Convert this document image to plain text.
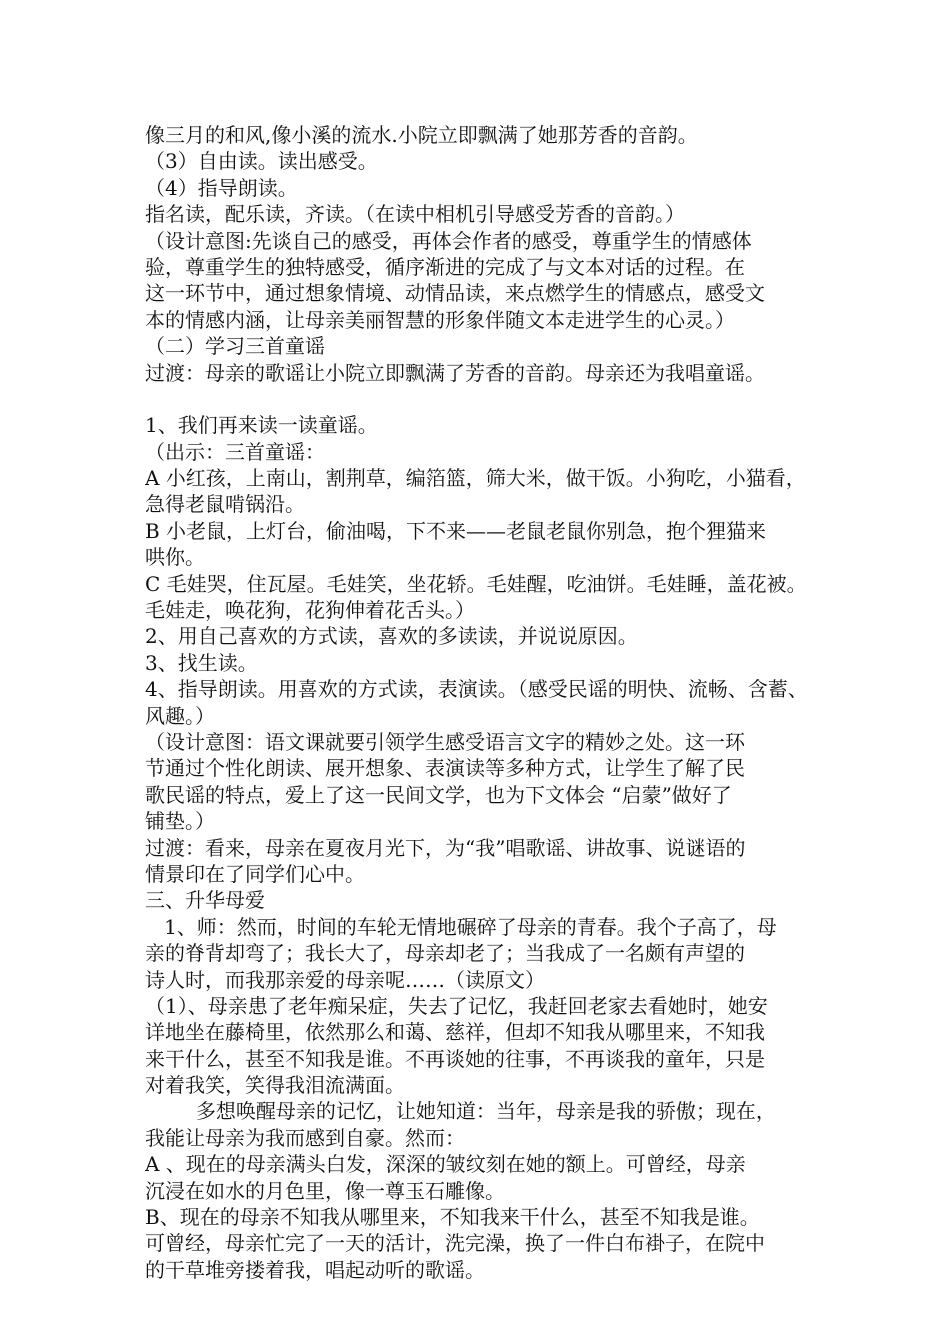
像三月的和风,像小溪的流水.小院立即飘满了她那芳香的音韵。
（3）自由读。读出感受。
（4）指导朗读。
指名读，配乐读，齐读。（在读中相机引导感受芳香的音韵。）
（设计意图:先谈自己的感受，再体会作者的感受，尊重学生的情感体
验，尊重学生的独特感受，循序渐进的完成了与文本对话的过程。在
这一环节中，通过想象情境、动情品读，来点燃学生的情感点，感受文
本的情感内涵，让母亲美丽智慧的形象伴随文本走进学生的心灵。）
（二）学习三首童谣
过渡：母亲的歌谣让小院立即飘满了芳香的音韵。母亲还为我唱童谣。
1、我们再来读一读童谣。
（出示：三首童谣：
A 小红孩，上南山，割荆草，编箔篮，筛大米，做干饭。小狗吃，小猫看，
急得老鼠啃锅沿。
B 小老鼠，上灯台，偷油喝，下不来——老鼠老鼠你别急，抱个狸猫来
哄你。
C 毛娃哭，住瓦屋。毛娃笑，坐花轿。毛娃醒，吃油饼。毛娃睡，盖花被。
毛娃走，唤花狗，花狗伸着花舌头。）
2、用自己喜欢的方式读，喜欢的多读读，并说说原因。
3、找生读。
4、指导朗读。用喜欢的方式读，表演读。（感受民谣的明快、流畅、含蓄、
风趣。）
（设计意图：语文课就要引领学生感受语言文字的精妙之处。这一环
节通过个性化朗读、展开想象、表演读等多种方式，让学生了解了民
歌民谣的特点，爱上了这一民间文学，也为下文体会 “启蒙”做好了
铺垫。）
过渡：看来，母亲在夏夜月光下，为“我”唱歌谣、讲故事、说谜语的
情景印在了同学们心中。
三、升华母爱
1、师：然而，时间的车轮无情地碾碎了母亲的青春。我个子高了，母
亲的脊背却弯了；我长大了，母亲却老了；当我成了一名颇有声望的
诗人时，而我那亲爱的母亲呢……（读原文）
（1）、母亲患了老年痴呆症，失去了记忆，我赶回老家去看她时，她安
详地坐在藤椅里，依然那么和蔼、慈祥，但却不知我从哪里来，不知我
来干什么，甚至不知我是谁。不再谈她的往事，不再谈我的童年，只是
对着我笑，笑得我泪流满面。
多想唤醒母亲的记忆，让她知道：当年，母亲是我的骄傲；现在，
我能让母亲为我而感到自豪。然而：
A 、现在的母亲满头白发，深深的皱纹刻在她的额上。可曾经，母亲
沉浸在如水的月色里，像一尊玉石雕像。
B、现在的母亲不知我从哪里来，不知我来干什么，甚至不知我是谁。
可曾经，母亲忙完了一天的活计，洗完澡，换了一件白布褂子，在院中
的干草堆旁搂着我，唱起动听的歌谣。
